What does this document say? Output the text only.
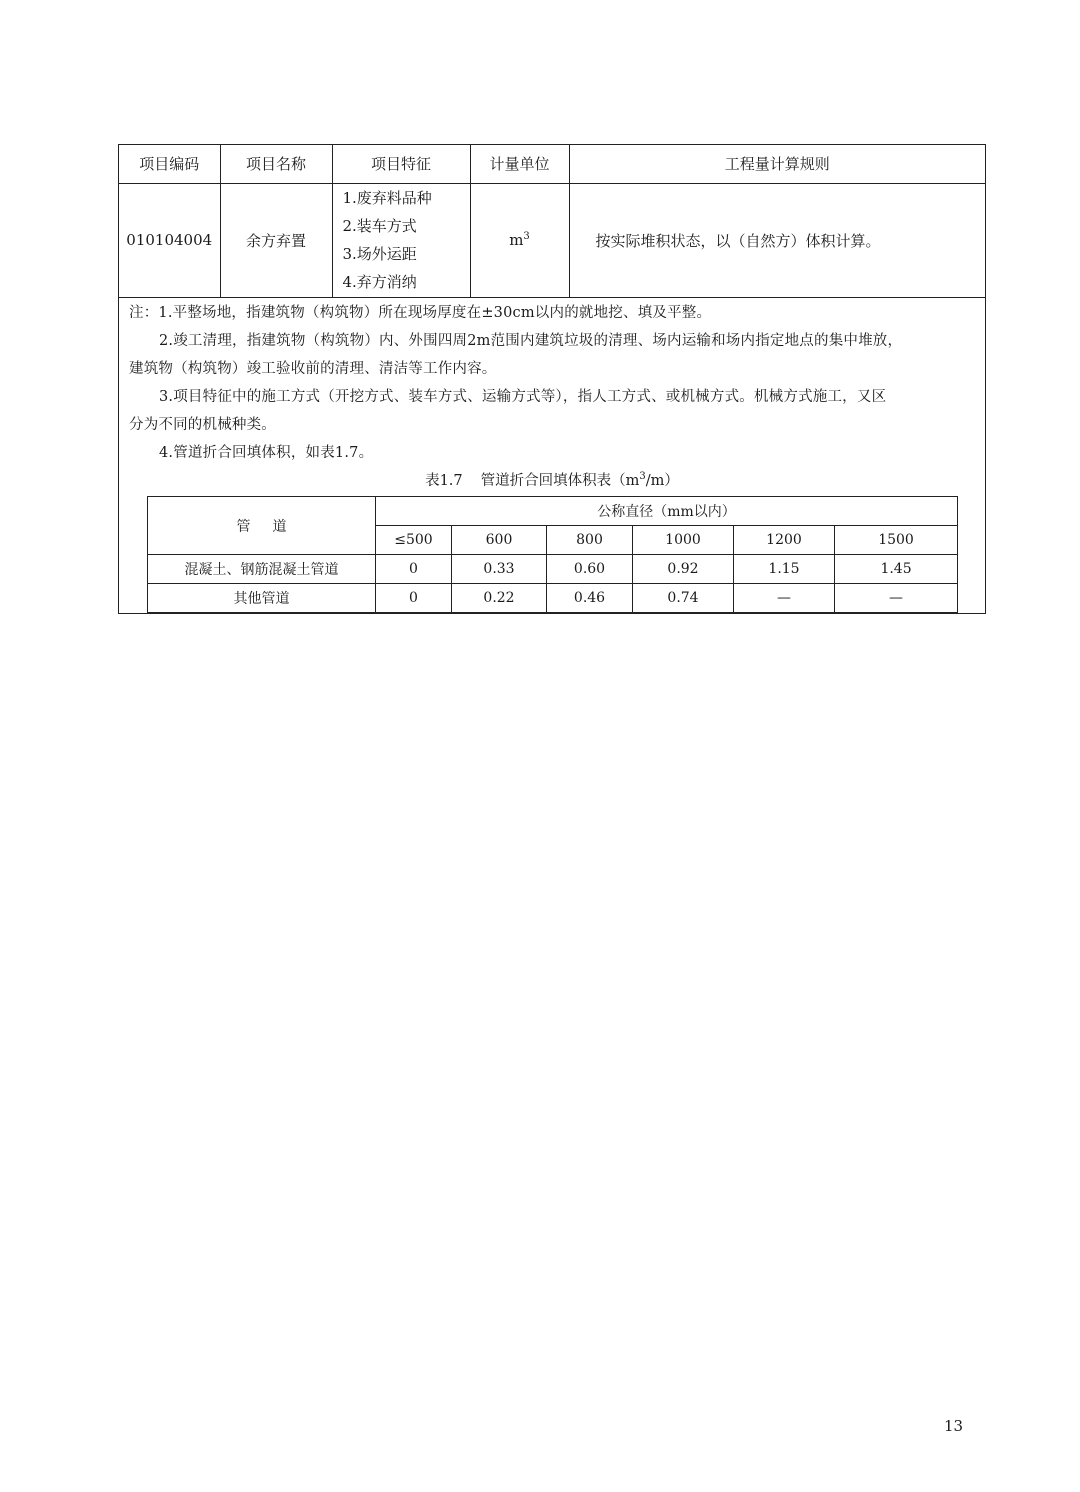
项目编码	项目名称	项目特征	计量单位	工程量计算规则
010104004	余方弃置	1.废弃料品种
2.装车方式
3.场外运距
4.弃方消纳	$m^3$	按实际堆积状态，以（自然方）体积计算。

注：1.平整场地，指建筑物（构筑物）所在现场厚度在±30cm以内的就地挖、填及平整。

2.竣工清理，指建筑物（构筑物）内、外围四周2m范围内建筑垃圾的清理、场内运输和场内指定地点的集中堆放，

建筑物（构筑物）竣工验收前的清理、清洁等工作内容。

3.项目特征中的施工方式（开挖方式、装车方式、运输方式等），指人工方式、或机械方式。机械方式施工，又区

分为不同的机械种类。

4.管道折合回填体积，如表1.7。

表1.7 管道折合回填体积表$(m^3/m)$
管道	公称直径（mm以内）					
	≤500	600	800	1000	1200	1500
混凝土、钢筋混凝土管道	0	0.33	0.60	0.92	1.15	1.45
其他管道	0	0.22	0.46	0.74	—	—
13
